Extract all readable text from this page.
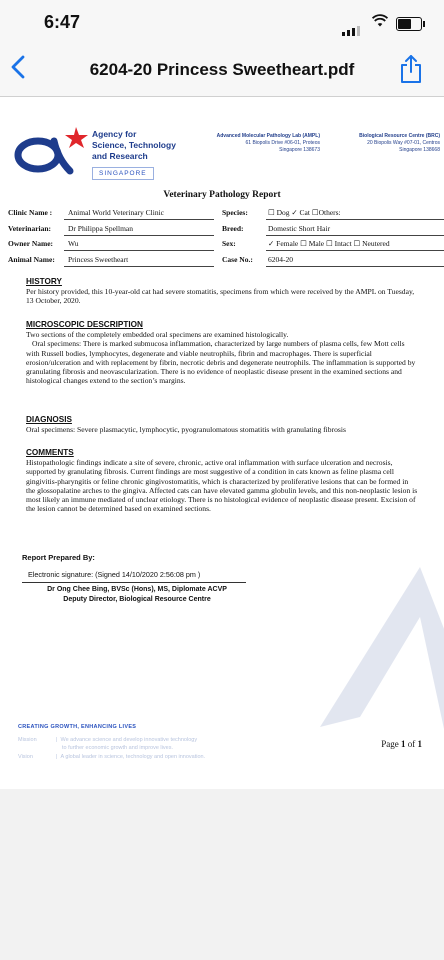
6:47
6204-20 Princess Sweetheart.pdf
Agency for
Science, Technology
and Research
SINGAPORE
Advanced Molecular Pathology Lab (AMPL)
61 Biopolis Drive #06-01, Proteos
Singapore 138673
Biological Resource Centre (BRC)
20 Biopolis Way #07-01, Centros
Singapore 138668
Veterinary Pathology Report
Clinic Name :	Animal World Veterinary Clinic	Species:	☐ Dog ✓ Cat ☐Others:
Veterinarian:	Dr Philippa Spellman	Breed:	Domestic Short Hair
Owner Name:	Wu	Sex:	✓ Female ☐ Male ☐ Intact ☐ Neutered
Animal Name:	Princess Sweetheart	Case No.: 6204-20
HISTORY

Per history provided, this 10-year-old cat had severe stomatitis, specimens from which were received by the AMPL on Tuesday, 13 October, 2020.

MICROSCOPIC DESCRIPTION

Two sections of the completely embedded oral specimens are examined histologically.

Oral specimens: There is marked submucosa inflammation, characterized by large numbers of plasma cells, few Mott cells with Russell bodies, lymphocytes, degenerate and viable neutrophils, fibrin and macrophages. There is superficial erosion/ulceration and with replacement by fibrin, necrotic debris and degenerate neutrophils. The inflammation is supported by granulating fibrosis and neovascularization. There is no evidence of neoplastic disease present in the examined sections and histological changes extend to the section’s margins.

DIAGNOSIS

Oral specimens: Severe plasmacytic, lymphocytic, pyogranulomatous stomatitis with granulating fibrosis

COMMENTS

Histopathologic findings indicate a site of severe, chronic, active oral inflammation with surface ulceration and necrosis, supported by granulating fibrosis. Current findings are most suggestive of a condition in cats known as feline plasma cell gingivitis-pharyngitis or feline chronic gingivostomatitis, which is characterized by proliferative lesions that can be formed in the glossopalatine arches to the gingiva. Affected cats can have elevated gamma globulin levels, and this non-neoplastic lesion is most likely an immune mediated of unclear etiology. There is no histological evidence of neoplastic disease present. Excision of the lesion cannot be determined based on examined sections.

Report Prepared By:
Electronic signature: (Signed 14/10/2020 2:56:08 pm )
Dr Ong Chee Bing, BVSc (Hons), MS, Diplomate ACVP
Deputy Director, Biological Resource Centre
CREATING GROWTH, ENHANCING LIVES
Mission	|  We advance science and develop innovative technology
to further economic growth and improve lives.
Vision	|  A global leader in science, technology and open innovation.
Page 1 of 1
